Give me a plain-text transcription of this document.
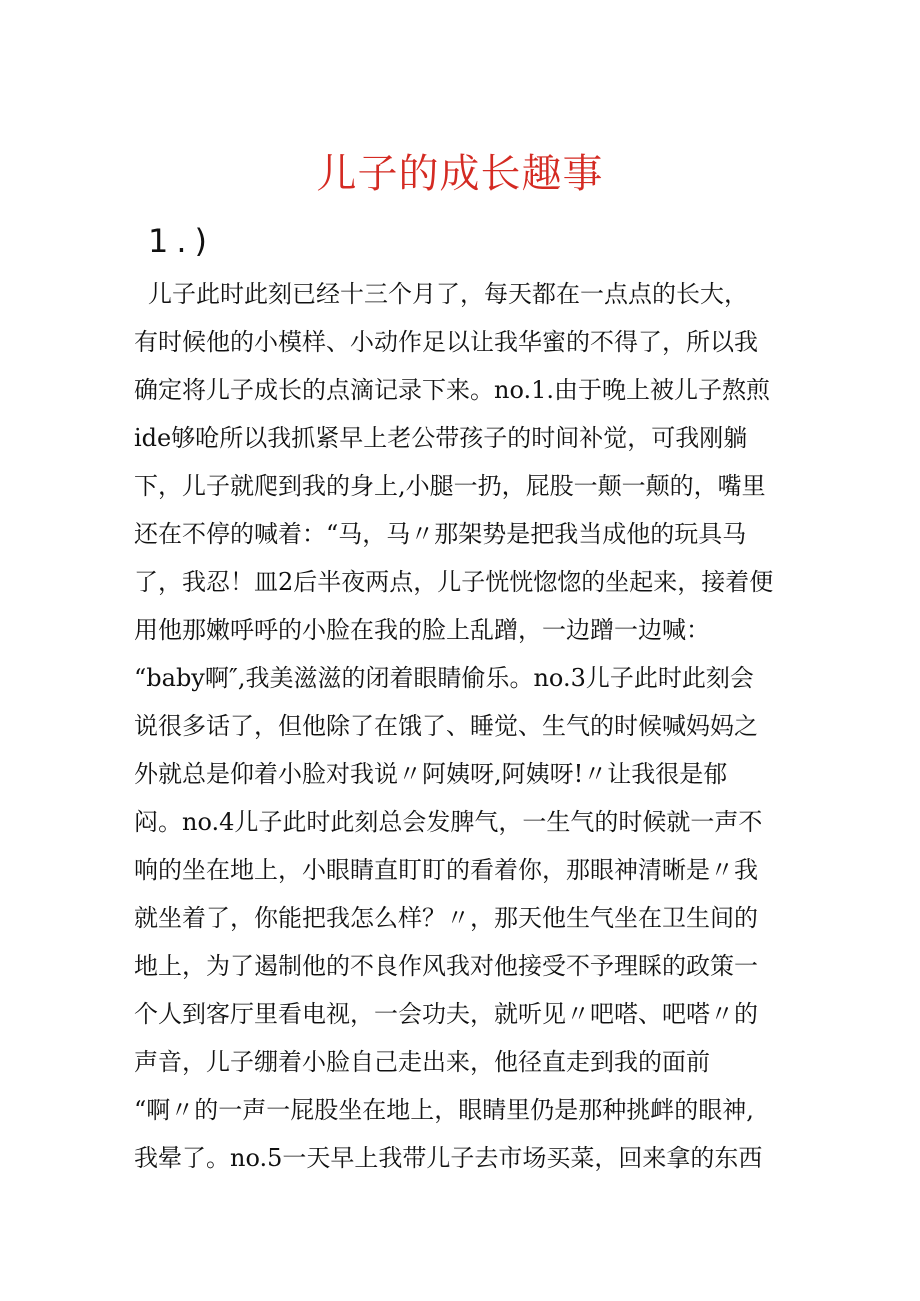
儿子的成长趣事
1.)
儿子此时此刻已经十三个月了，每天都在一点点的长大，
有时候他的小模样、小动作足以让我华蜜的不得了，所以我
确定将儿子成长的点滴记录下来。no.1.由于晚上被儿子熬煎
ide够呛所以我抓紧早上老公带孩子的时间补觉，可我刚躺
下，儿子就爬到我的身上,小腿一扔，屁股一颠一颠的，嘴里
还在不停的喊着：“马，马〃那架势是把我当成他的玩具马
了，我忍！皿2后半夜两点，儿子恍恍惚惚的坐起来，接着便
用他那嫩呼呼的小脸在我的脸上乱蹭，一边蹭一边喊：
“baby啊″,我美滋滋的闭着眼睛偷乐。no.3儿子此时此刻会
说很多话了，但他除了在饿了、睡觉、生气的时候喊妈妈之
外就总是仰着小脸对我说〃阿姨呀,阿姨呀!〃让我很是郁
闷。no.4儿子此时此刻总会发脾气，一生气的时候就一声不
响的坐在地上，小眼睛直盯盯的看着你，那眼神清晰是〃我
就坐着了，你能把我怎么样？〃，那天他生气坐在卫生间的
地上，为了遏制他的不良作风我对他接受不予理睬的政策一
个人到客厅里看电视，一会功夫，就听见〃吧嗒、吧嗒〃的
声音，儿子绷着小脸自己走出来，他径直走到我的面前
“啊〃的一声一屁股坐在地上，眼睛里仍是那种挑衅的眼神,
我晕了。no.5一天早上我带儿子去市场买菜，回来拿的东西
